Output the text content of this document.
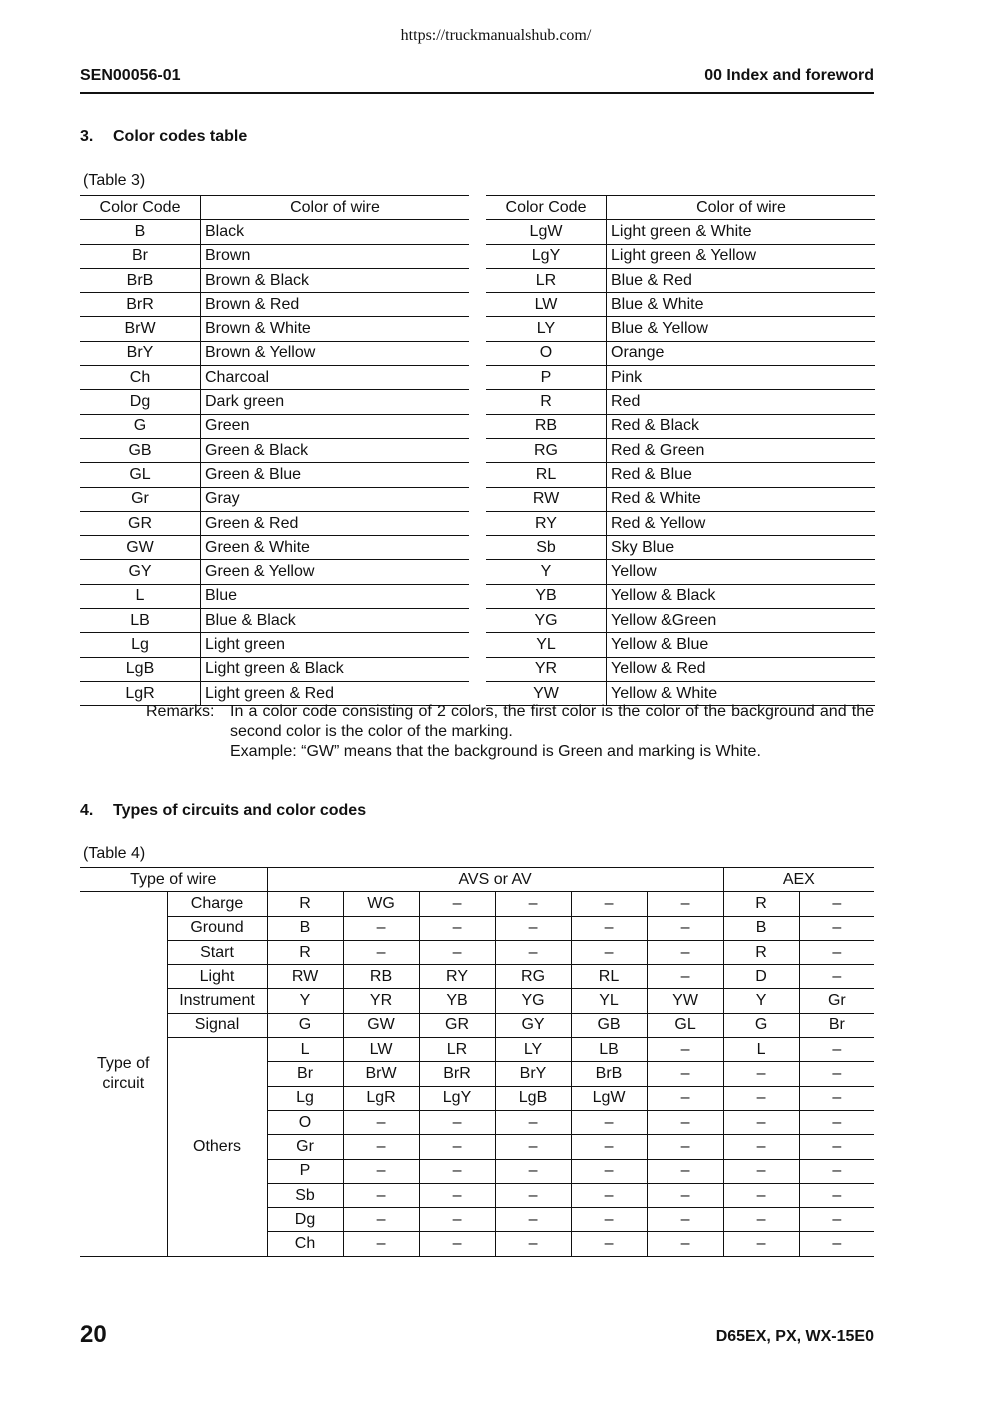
https://truckmanualshub.com/
SEN00056-01	00 Index and foreword
3. Color codes table
(Table 3)
Color Code	Color of wire
B	Black
Br	Brown
BrB	Brown & Black
BrR	Brown & Red
BrW	Brown & White
BrY	Brown & Yellow
Ch	Charcoal
Dg	Dark green
G	Green
GB	Green & Black
GL	Green & Blue
Gr	Gray
GR	Green & Red
GW	Green & White
GY	Green & Yellow
L	Blue
LB	Blue & Black
Lg	Light green
LgB	Light green & Black
LgR	Light green & Red
Color Code	Color of wire
LgW	Light green & White
LgY	Light green & Yellow
LR	Blue & Red
LW	Blue & White
LY	Blue & Yellow
O	Orange
P	Pink
R	Red
RB	Red & Black
RG	Red & Green
RL	Red & Blue
RW	Red & White
RY	Red & Yellow
Sb	Sky Blue
Y	Yellow
YB	Yellow & Black
YG	Yellow &Green
YL	Yellow & Blue
YR	Yellow & Red
YW	Yellow & White
Remarks: In a color code consisting of 2 colors, the first color is the color of the background and the second color is the color of the marking.
Example: “GW” means that the background is Green and marking is White.
4. Types of circuits and color codes
(Table 4)
Type of wire		AVS or AV						AEX	
Type of circuit	Charge	R	WG	–	–	–	–	R	–
	Ground	B	–	–	–	–	–	B	–
	Start	R	–	–	–	–	–	R	–
	Light	RW	RB	RY	RG	RL	–	D	–
	Instrument	Y	YR	YB	YG	YL	YW	Y	Gr
	Signal	G	GW	GR	GY	GB	GL	G	Br
	Others	L	LW	LR	LY	LB	–	L	–
		Br	BrW	BrR	BrY	BrB	–	–	–
		Lg	LgR	LgY	LgB	LgW	–	–	–
		O	–	–	–	–	–	–	–
		Gr	–	–	–	–	–	–	–
		P	–	–	–	–	–	–	–
		Sb	–	–	–	–	–	–	–
		Dg	–	–	–	–	–	–	–
		Ch	–	–	–	–	–	–	–
20	D65EX, PX, WX-15E0
